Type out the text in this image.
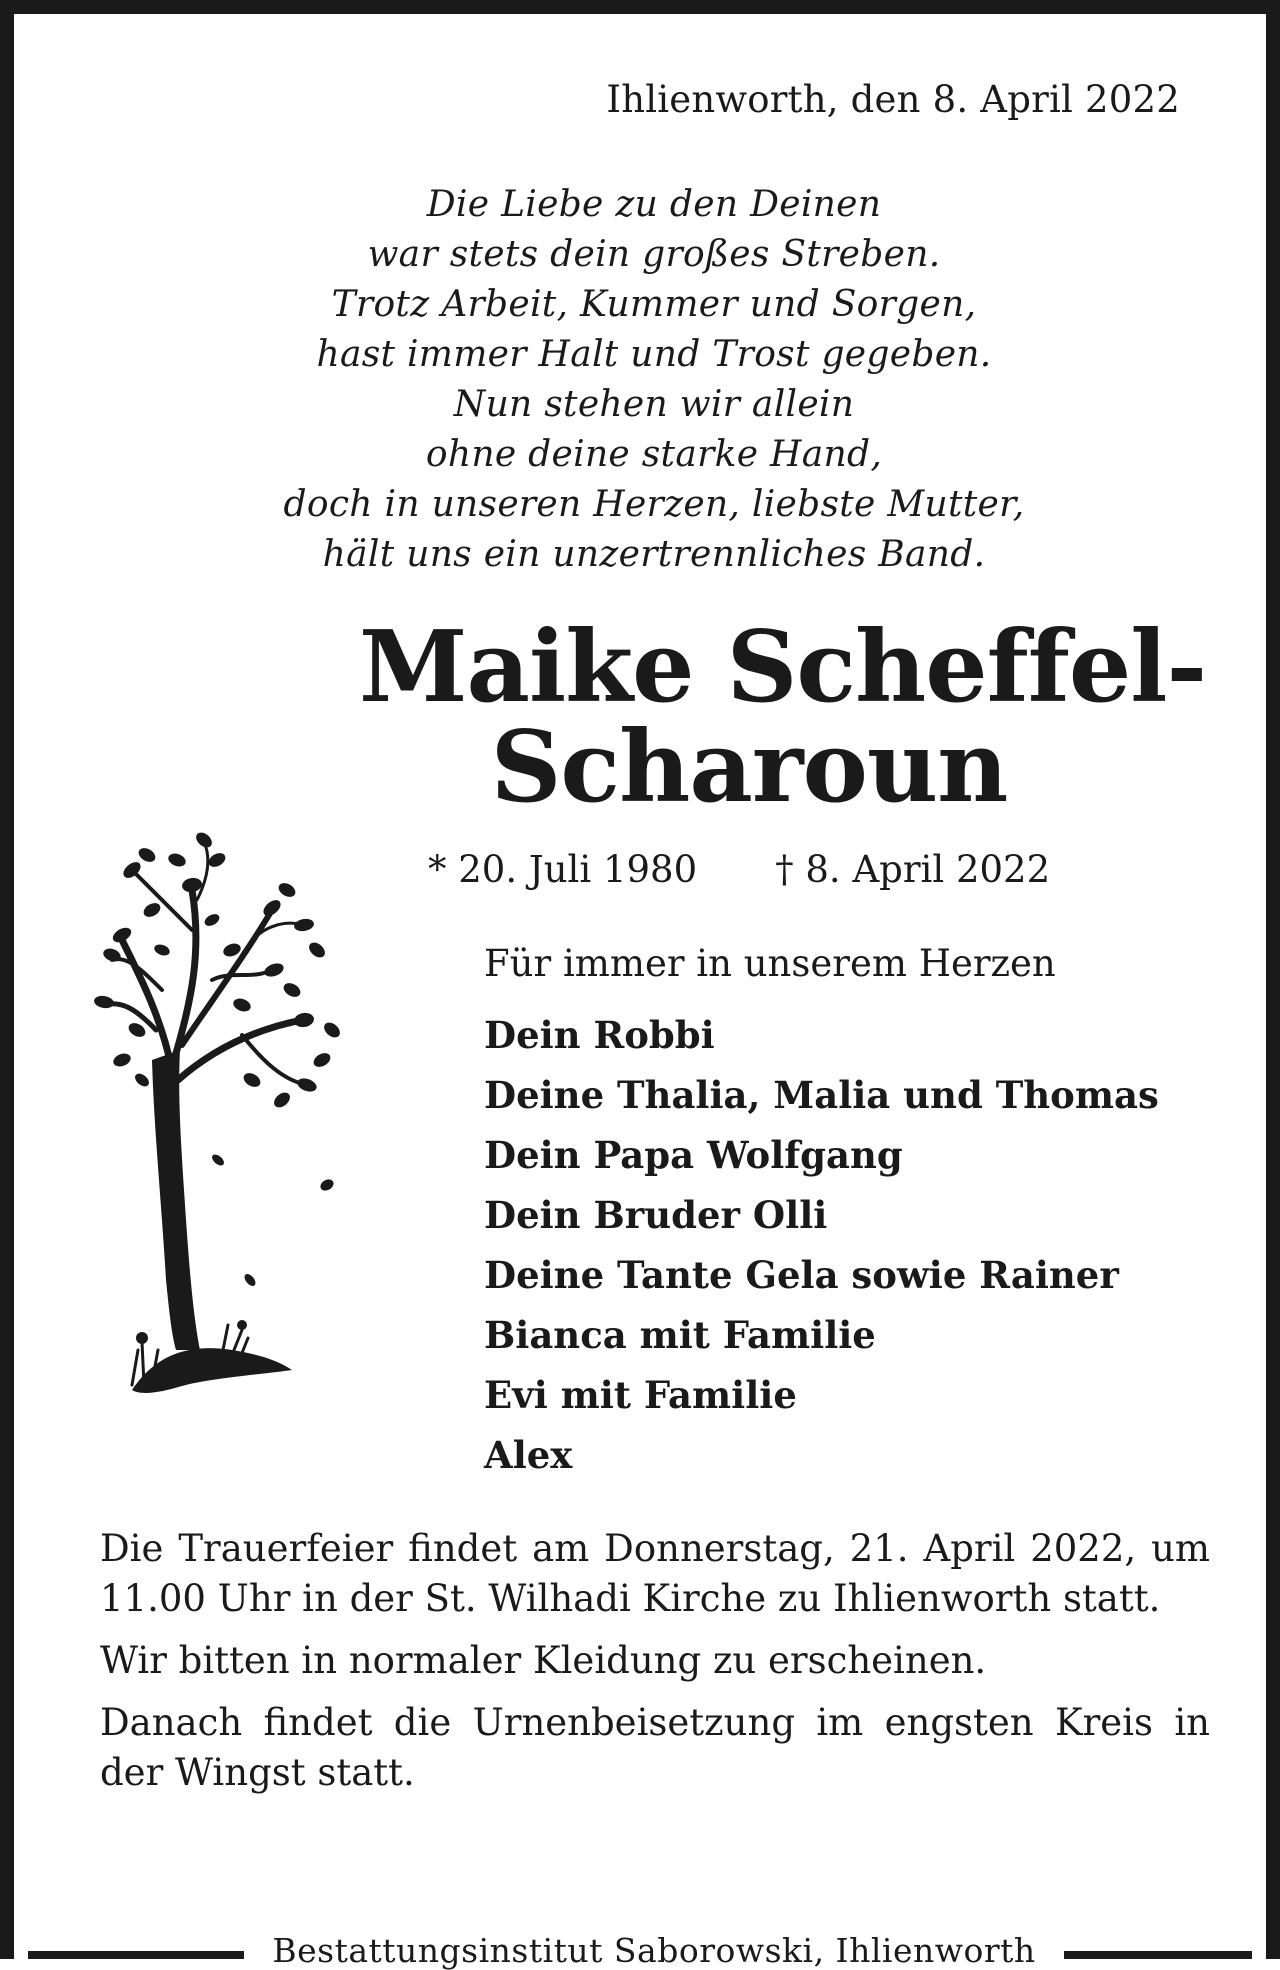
Ihlienworth, den 8. April 2022
Die Liebe zu den Deinen
war stets dein großes Streben.
Trotz Arbeit, Kummer und Sorgen,
hast immer Halt und Trost gegeben.
Nun stehen wir allein
ohne deine starke Hand,
doch in unseren Herzen, liebste Mutter,
hält uns ein unzertrennliches Band.
Maike Scheffel-
Scharoun
* 20. Juli 1980 † 8. April 2022
Für immer in unserem Herzen
Dein Robbi
Deine Thalia, Malia und Thomas
Dein Papa Wolfgang
Dein Bruder Olli
Deine Tante Gela sowie Rainer
Bianca mit Familie
Evi mit Familie
Alex

Die Trauerfeier findet am Donnerstag, 21. April 2022, um 11.00 Uhr in der St. Wilhadi Kirche zu Ihlienworth statt.

Wir bitten in normaler Kleidung zu erscheinen.

Danach findet die Urnenbeisetzung im engsten Kreis in der Wingst statt.

Bestattungsinstitut Saborowski, Ihlienworth
